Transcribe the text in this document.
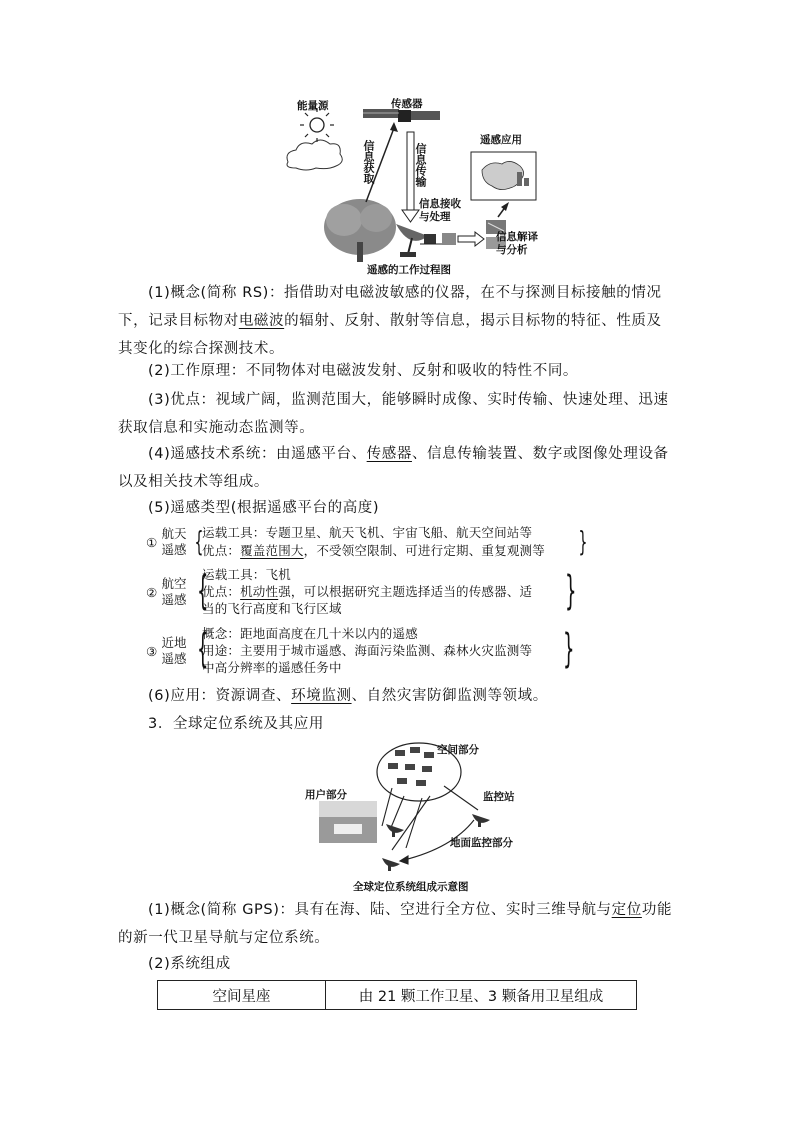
能量源	传感器
信息获取	信息传输
遥感应用
信息接收与处理
信息解译与分析
遥感的工作过程图
(1)概念(简称 RS)：指借助对电磁波敏感的仪器，在不与探测目标接触的情况下，记录目标物对电磁波的辐射、反射、散射等信息，揭示目标物的特征、性质及其变化的综合探测技术。
(2)工作原理：不同物体对电磁波发射、反射和吸收的特性不同。
(3)优点：视域广阔，监测范围大，能够瞬时成像、实时传输、快速处理、迅速获取信息和实施动态监测等。
(4)遥感技术系统：由遥感平台、传感器、信息传输装置、数字或图像处理设备以及相关技术等组成。
(5)遥感类型(根据遥感平台的高度)
①
航天遥感 {
运载工具：专题卫星、航天飞机、宇宙飞船、航天空间站等
优点：覆盖范围大，不受领空限制、可进行定期、重复观测等 }
②
航空遥感 {
运载工具：飞机
优点：机动性强，可以根据研究主题选择适当的传感器、适
当的飞行高度和飞行区域	}
③
近地遥感 {
概念：距地面高度在几十米以内的遥感
用途：主要用于城市遥感、海面污染监测、森林火灾监测等
中高分辨率的遥感任务中	}
(6)应用：资源调查、环境监测、自然灾害防御监测等领域。
3．全球定位系统及其应用
空间部分
用户部分	监控站
地面监控部分
全球定位系统组成示意图
(1)概念(简称 GPS)：具有在海、陆、空进行全方位、实时三维导航与定位功能的新一代卫星导航与定位系统。
(2)系统组成
空间星座	由 21 颗工作卫星、3 颗备用卫星组成
